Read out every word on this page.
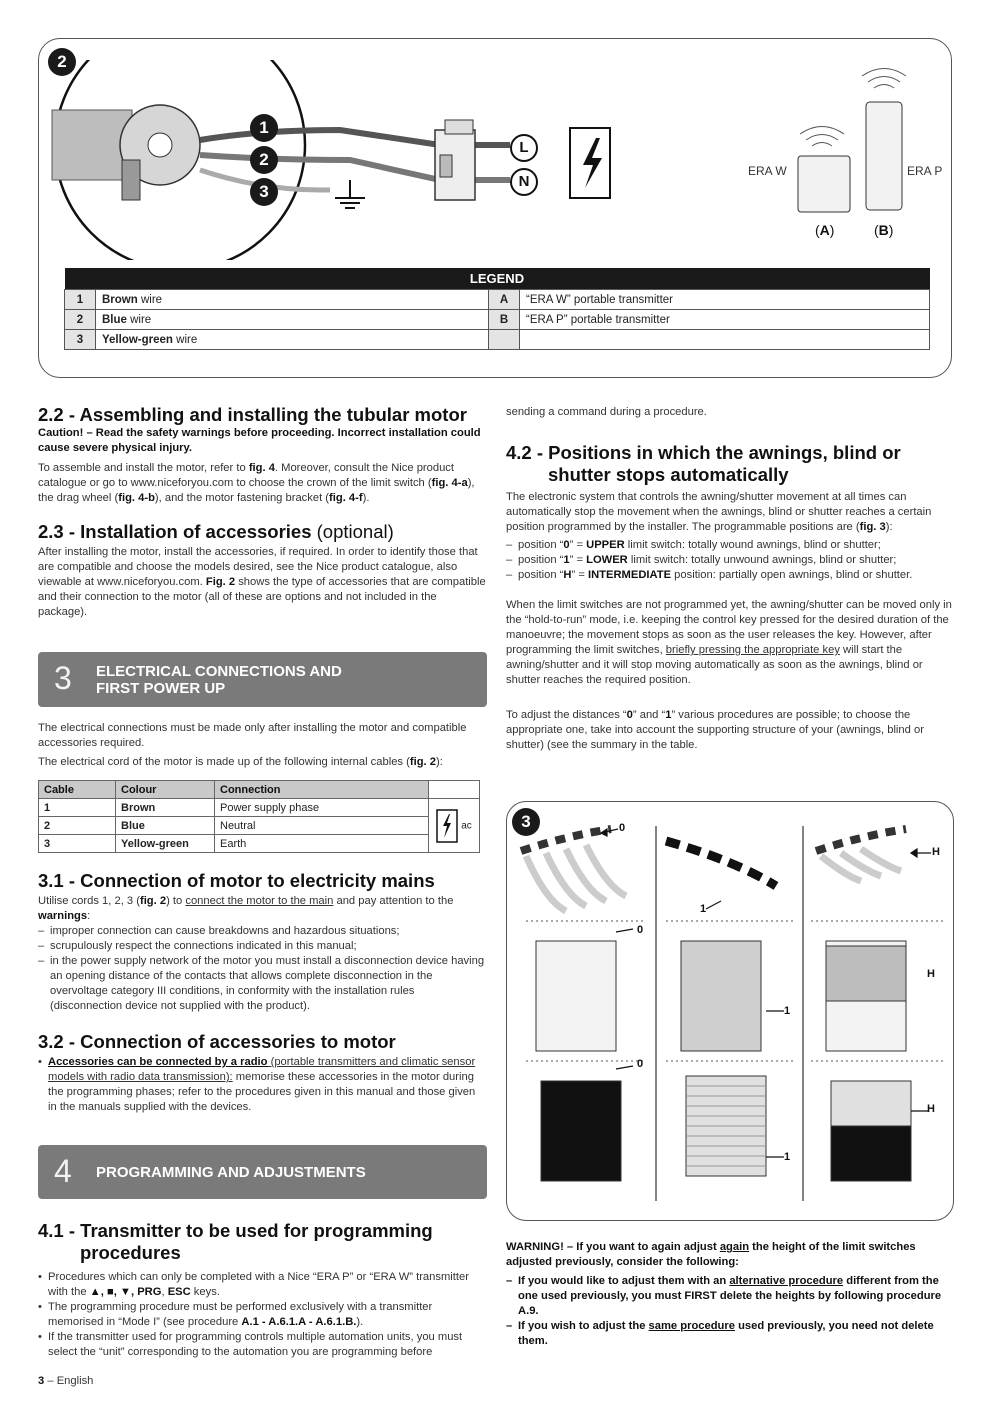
2
1
2
3
L
N
ERA W	ERA P
(A)	(B)
LEGEND			
1	Brown wire	A	“ERA W” portable transmitter
2	Blue wire	B	“ERA P” portable transmitter
3	Yellow-green wire		
2.2 - Assembling and installing the tubular motor

Caution! – Read the safety warnings before proceeding. Incorrect installation could cause severe physical injury.

To assemble and install the motor, refer to fig. 4. Moreover, consult the Nice product catalogue or go to www.niceforyou.com to choose the crown of the limit switch (fig. 4-a), the drag wheel (fig. 4-b), and the motor fastening bracket (fig. 4-f).

2.3 - Installation of accessories (optional)

After installing the motor, install the accessories, if required. In order to identify those that are compatible and choose the models desired, see the Nice product catalogue, also viewable at www.niceforyou.com. Fig. 2 shows the type of accessories that are compatible and their connection to the motor (all of these are options and not included in the package).

3 ELECTRICAL CONNECTIONS AND
FIRST POWER UP

The electrical connections must be made only after installing the motor and compatible accessories required.

The electrical cord of the motor is made up of the following internal cables (fig. 2):

Cable	Colour	Connection	
1	Brown	Power supply phase	ac
2	Blue	Neutral	
3	Yellow-green	Earth	
3.1 - Connection of motor to electricity mains

Utilise cords 1, 2, 3 (fig. 2) to connect the motor to the main and pay attention to the warnings:

– improper connection can cause breakdowns and hazardous situations;

– scrupulously respect the connections indicated in this manual;

– in the power supply network of the motor you must install a disconnection device having an opening distance of the contacts that allows complete disconnection in the overvoltage category III conditions, in conformity with the installation rules (disconnection device not supplied with the product).

3.2 - Connection of accessories to motor

• Accessories can be connected by a radio (portable transmitters and climatic sensor models with radio data transmission): memorise these accessories in the motor during the programming phases; refer to the procedures given in this manual and those given in the manuals supplied with the devices.

4 PROGRAMMING AND ADJUSTMENTS
4.1 - Transmitter to be used for programming
procedures

• Procedures which can only be completed with a Nice “ERA P” or “ERA W” transmitter with the ▲, ■, ▼, PRG, ESC keys.

• The programming procedure must be performed exclusively with a transmitter memorised in “Mode I” (see procedure A.1 - A.6.1.A - A.6.1.B.).

• If the transmitter used for programming controls multiple automation units, you must select the “unit” corresponding to the automation you are programming before

sending a command during a procedure.

4.2 - Positions in which the awnings, blind or
shutter stops automatically

The electronic system that controls the awning/shutter movement at all times can automatically stop the movement when the awnings, blind or shutter reaches a certain position programmed by the installer. The programmable positions are (fig. 3):

– position “0” = UPPER limit switch: totally wound awnings, blind or shutter;

– position “1” = LOWER limit switch: totally unwound awnings, blind or shutter;

– position “H” = INTERMEDIATE position: partially open awnings, blind or shutter.

When the limit switches are not programmed yet, the awning/shutter can be moved only in the “hold-to-run” mode, i.e. keeping the control key pressed for the desired duration of the manoeuvre; the movement stops as soon as the user releases the key. However, after programming the limit switches, briefly pressing the appropriate key will start the awning/shutter and it will stop moving automatically as soon as the awnings, blind or shutter reaches the required position.

To adjust the distances “0” and “1” various procedures are possible; to choose the appropriate one, take into account the supporting structure of your (awnings, blind or shutter) (see the summary in the table.

3	0
1
H
0
1
H
0
1
H

WARNING! – If you want to again adjust again the height of the limit switches adjusted previously, consider the following:

– If you would like to adjust them with an alternative procedure different from the one used previously, you must FIRST delete the heights by following procedure A.9.

– If you wish to adjust the same procedure used previously, you need not delete them.

3 – English
